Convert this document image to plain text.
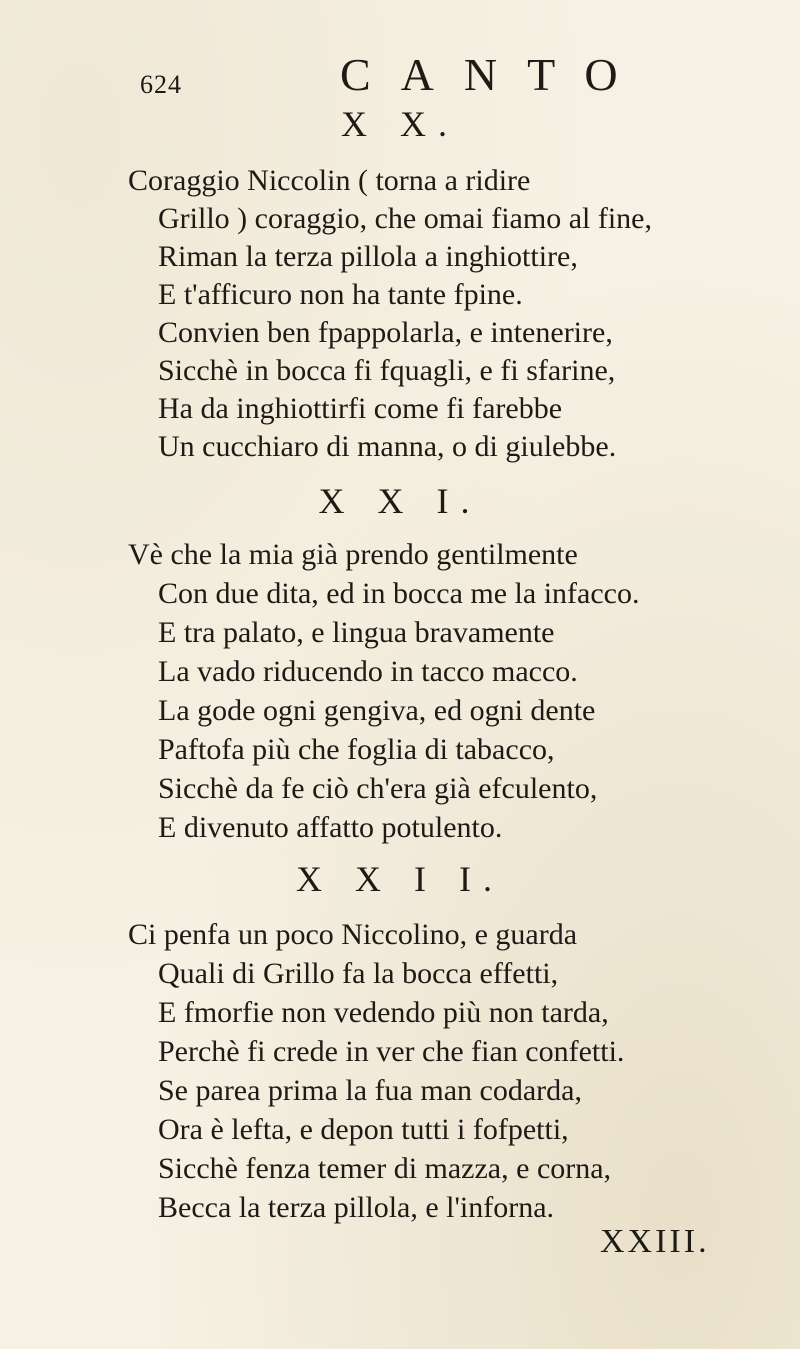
624	CANTO
X X.
Coraggio Niccolin ( torna a ridire
Grillo ) coraggio, che omai fiamo al fine,
Riman la terza pillola a inghiottire,
E t'afficuro non ha tante fpine.
Convien ben fpappolarla, e intenerire,
Sicchè in bocca fi fquagli, e fi sfarine,
Ha da inghiottirfi come fi farebbe
Un cucchiaro di manna, o di giulebbe.
X X I.
Vè che la mia già prendo gentilmente
Con due dita, ed in bocca me la infacco.
E tra palato, e lingua bravamente
La vado riducendo in tacco macco.
La gode ogni gengiva, ed ogni dente
Paftofa più che foglia di tabacco,
Sicchè da fe ciò ch'era già efculento,
E divenuto affatto potulento.
X X I I.
Ci penfa un poco Niccolino, e guarda
Quali di Grillo fa la bocca effetti,
E fmorfie non vedendo più non tarda,
Perchè fi crede in ver che fian confetti.
Se parea prima la fua man codarda,
Ora è lefta, e depon tutti i fofpetti,
Sicchè fenza temer di mazza, e corna,
Becca la terza pillola, e l'inforna.
XXIII.
